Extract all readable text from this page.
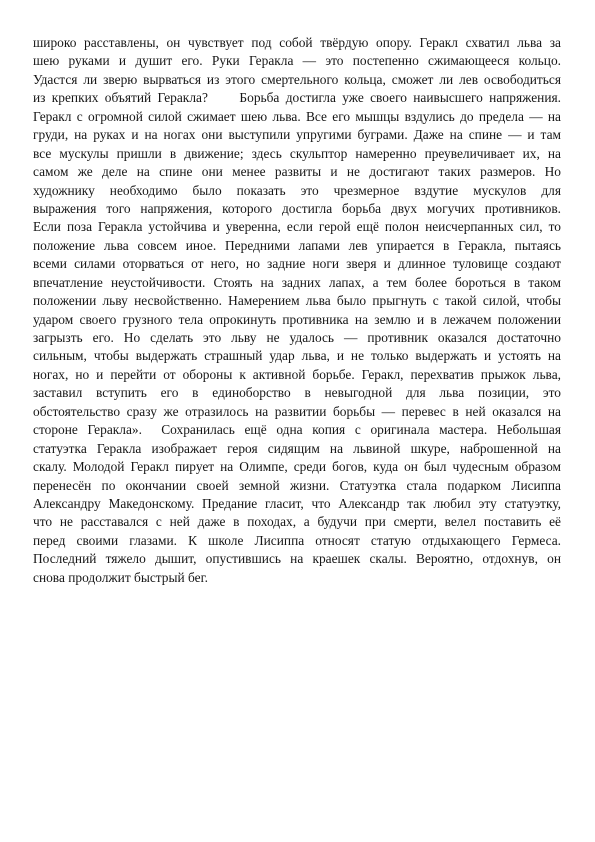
широко расставлены, он чувствует под собой твёрдую опору. Геракл схватил льва за
шею руками и душит его. Руки Геракла — это постепенно сжимающееся кольцо.
Удастся ли зверю вырваться из этого смертельного кольца, сможет ли лев освободиться
из крепких объятий Геракла?     Борьба достигла уже своего наивысшего напряжения.
Геракл с огромной силой сжимает шею льва. Все его мышцы вздулись до предела — на
груди, на руках и на ногах они выступили упругими буграми. Даже на спине — и там
все мускулы пришли в движение; здесь скульптор намеренно преувеличивает их, на
самом же деле на спине они менее развиты и не достигают таких размеров. Но
художнику необходимо было показать это чрезмерное вздутие мускулов для
выражения того напряжения, которого достигла борьба двух могучих противников.
Если поза Геракла устойчива и уверенна, если герой ещё полон неисчерпанных сил, то
положение льва совсем иное. Передними лапами лев упирается в Геракла, пытаясь
всеми силами оторваться от него, но задние ноги зверя и длинное туловище создают
впечатление неустойчивости. Стоять на задних лапах, а тем более бороться в таком
положении льву несвойственно. Намерением льва было прыгнуть с такой силой, чтобы
ударом своего грузного тела опрокинуть противника на землю и в лежачем положении
загрызть его. Но сделать это льву не удалось — противник оказался достаточно
сильным, чтобы выдержать страшный удар льва, и не только выдержать и устоять на
ногах, но и перейти от обороны к активной борьбе. Геракл, перехватив прыжок льва,
заставил вступить его в единоборство в невыгодной для льва позиции, это
обстоятельство сразу же отразилось на развитии борьбы — перевес в ней оказался на
стороне Геракла».  Сохранилась ещё одна копия с оригинала мастера. Небольшая
статуэтка Геракла изображает героя сидящим на львиной шкуре, наброшенной на
скалу. Молодой Геракл пирует на Олимпе, среди богов, куда он был чудесным образом
перенесён по окончании своей земной жизни. Статуэтка стала подарком Лисиппа
Александру Македонскому. Предание гласит, что Александр так любил эту статуэтку,
что не расставался с ней даже в походах, а будучи при смерти, велел поставить её
перед своими глазами. К школе Лисиппа относят статую отдыхающего Гермеса.
Последний тяжело дышит, опустившись на краешек скалы. Вероятно, отдохнув, он
снова продолжит быстрый бег.
